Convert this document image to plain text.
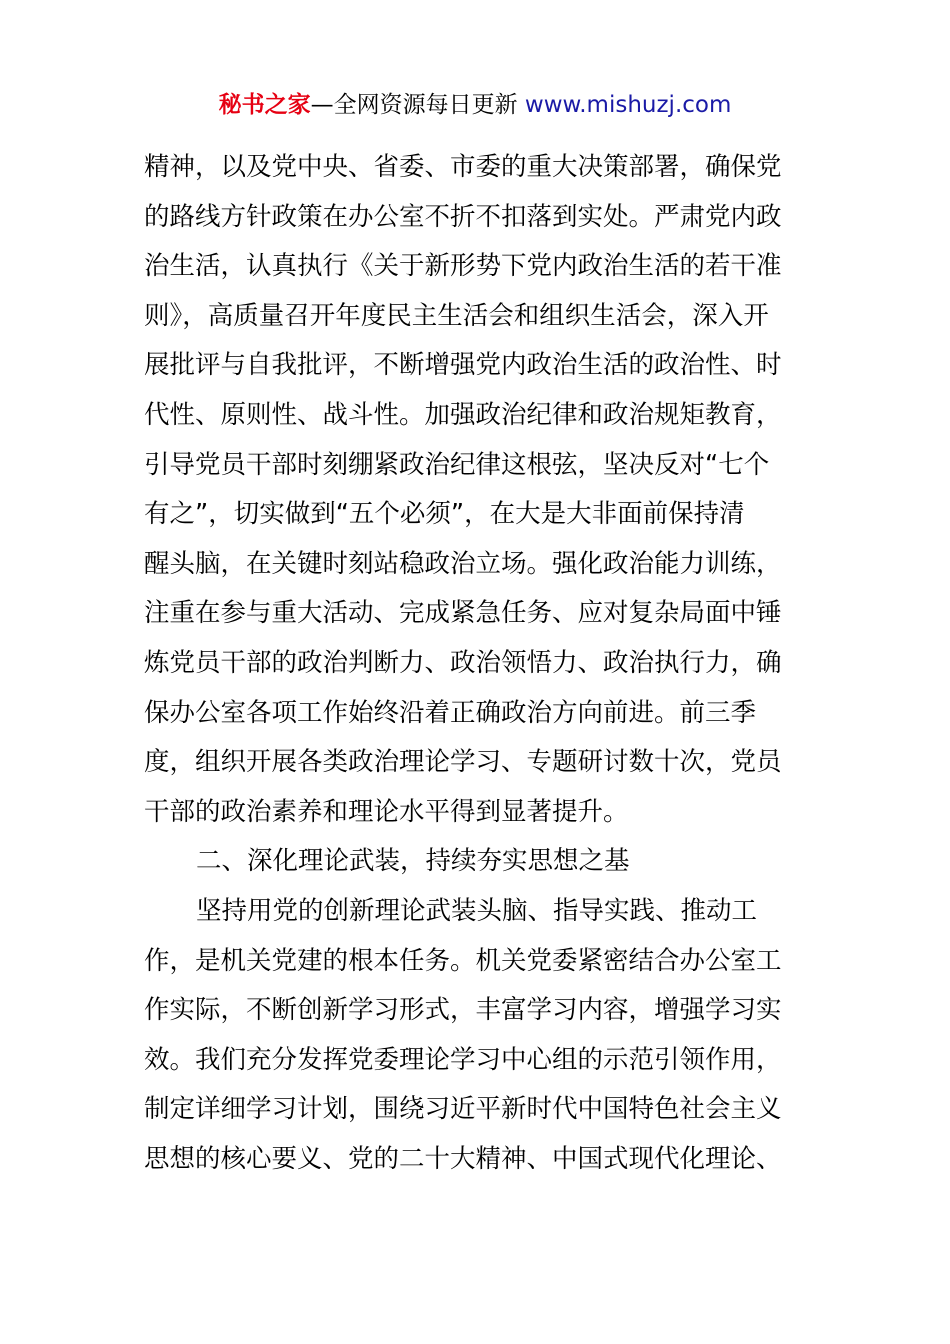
秘书之家—全网资源每日更新 www.mishuzj.com
精神，以及党中央、省委、市委的重大决策部署，确保党
的路线方针政策在办公室不折不扣落到实处。严肃党内政
治生活，认真执行《关于新形势下党内政治生活的若干准
则》，高质量召开年度民主生活会和组织生活会，深入开
展批评与自我批评，不断增强党内政治生活的政治性、时
代性、原则性、战斗性。加强政治纪律和政治规矩教育，
引导党员干部时刻绷紧政治纪律这根弦，坚决反对“七个
有之”，切实做到“五个必须”，在大是大非面前保持清
醒头脑，在关键时刻站稳政治立场。强化政治能力训练，
注重在参与重大活动、完成紧急任务、应对复杂局面中锤
炼党员干部的政治判断力、政治领悟力、政治执行力，确
保办公室各项工作始终沿着正确政治方向前进。前三季
度，组织开展各类政治理论学习、专题研讨数十次，党员
干部的政治素养和理论水平得到显著提升。
二、深化理论武装，持续夯实思想之基
坚持用党的创新理论武装头脑、指导实践、推动工
作，是机关党建的根本任务。机关党委紧密结合办公室工
作实际，不断创新学习形式，丰富学习内容，增强学习实
效。我们充分发挥党委理论学习中心组的示范引领作用，
制定详细学习计划，围绕习近平新时代中国特色社会主义
思想的核心要义、党的二十大精神、中国式现代化理论、
